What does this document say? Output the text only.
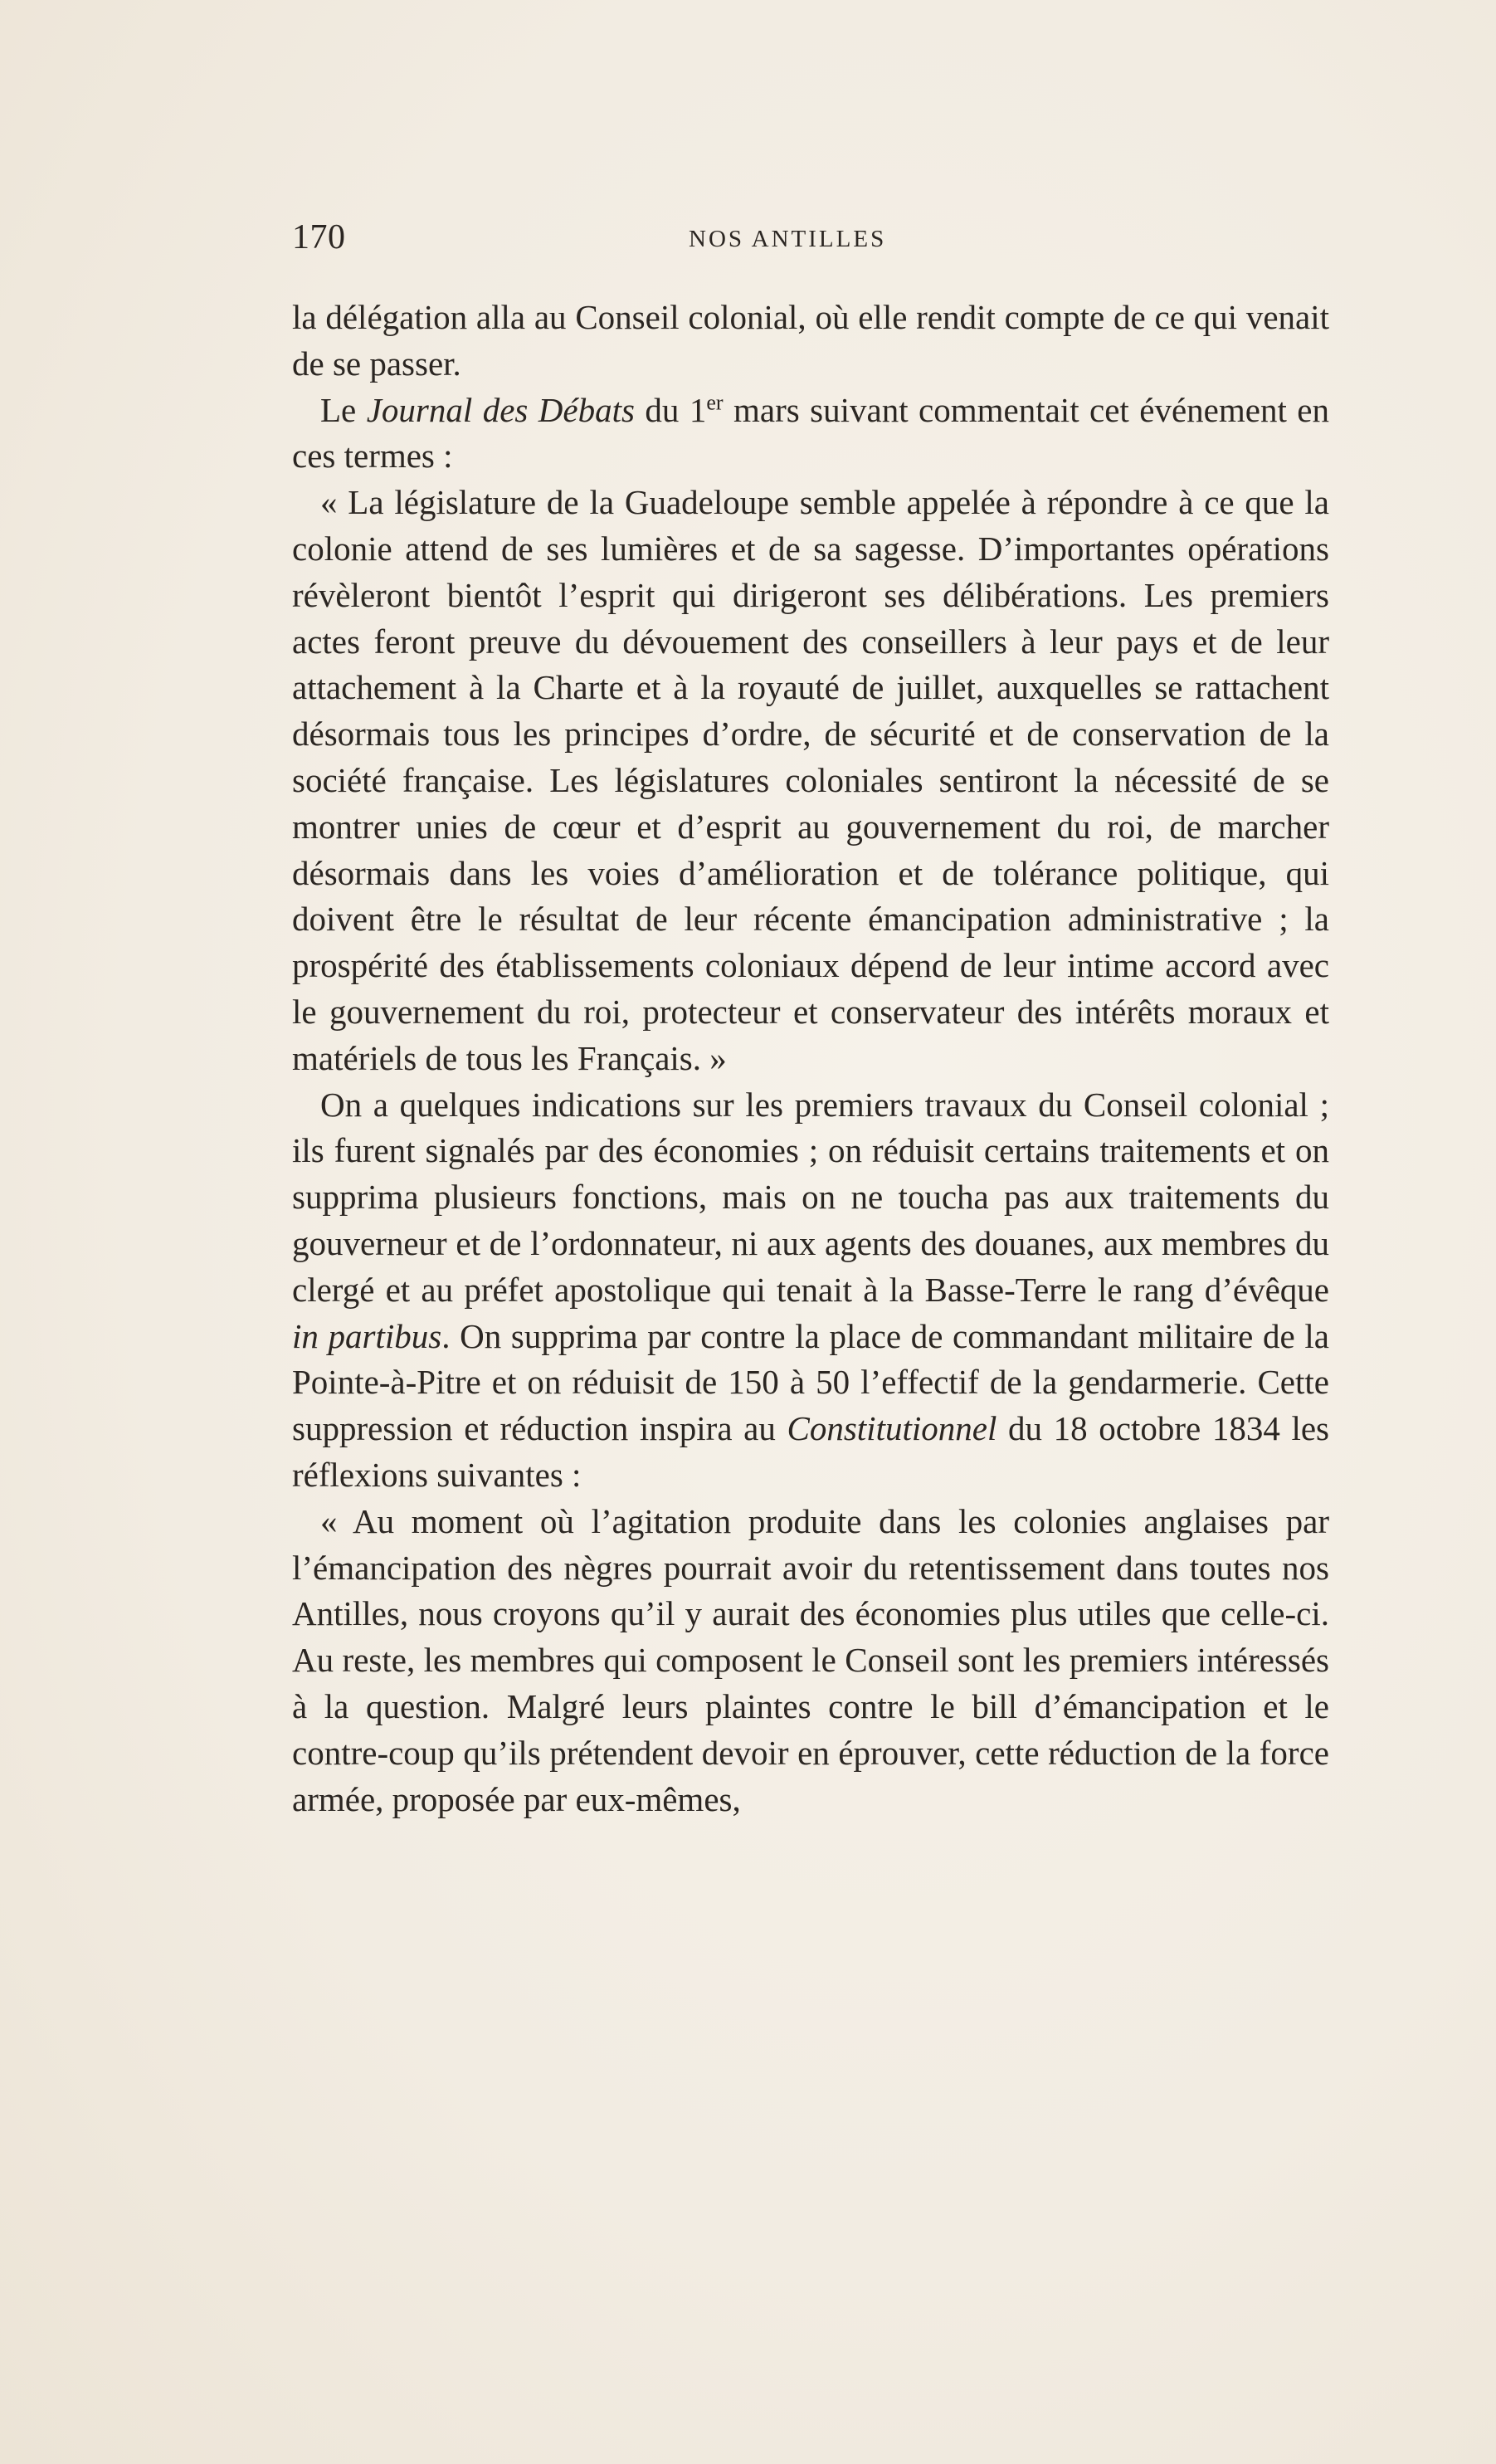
170	NOS ANTILLES

la délégation alla au Conseil colonial, où elle rendit compte de ce qui venait de se passer.

Le Journal des Débats du 1er mars suivant commentait cet événement en ces termes :

« La législature de la Guadeloupe semble appelée à répondre à ce que la colonie attend de ses lumières et de sa sagesse. D’importantes opérations révèleront bientôt l’esprit qui dirigeront ses délibérations. Les premiers actes feront preuve du dévouement des conseillers à leur pays et de leur attachement à la Charte et à la royauté de juillet, auxquelles se rattachent désormais tous les principes d’ordre, de sécurité et de conservation de la société française. Les législatures coloniales sentiront la nécessité de se montrer unies de cœur et d’esprit au gouvernement du roi, de marcher désormais dans les voies d’amélioration et de tolérance politique, qui doivent être le résultat de leur récente émancipation administrative ; la prospérité des établissements coloniaux dépend de leur intime accord avec le gouvernement du roi, protecteur et conservateur des intérêts moraux et matériels de tous les Français. »

On a quelques indications sur les premiers travaux du Conseil colonial ; ils furent signalés par des économies ; on réduisit certains traitements et on supprima plusieurs fonctions, mais on ne toucha pas aux traitements du gouverneur et de l’ordonnateur, ni aux agents des douanes, aux membres du clergé et au préfet apostolique qui tenait à la Basse-Terre le rang d’évêque in partibus. On supprima par contre la place de commandant militaire de la Pointe-à-Pitre et on réduisit de 150 à 50 l’effectif de la gendarmerie. Cette suppression et réduction inspira au Constitutionnel du 18 octobre 1834 les réflexions suivantes :

« Au moment où l’agitation produite dans les colonies anglaises par l’émancipation des nègres pourrait avoir du retentissement dans toutes nos Antilles, nous croyons qu’il y aurait des économies plus utiles que celle-ci. Au reste, les membres qui composent le Conseil sont les premiers intéressés à la question. Malgré leurs plaintes contre le bill d’émancipation et le contre-coup qu’ils prétendent devoir en éprouver, cette réduction de la force armée, proposée par eux-mêmes,
